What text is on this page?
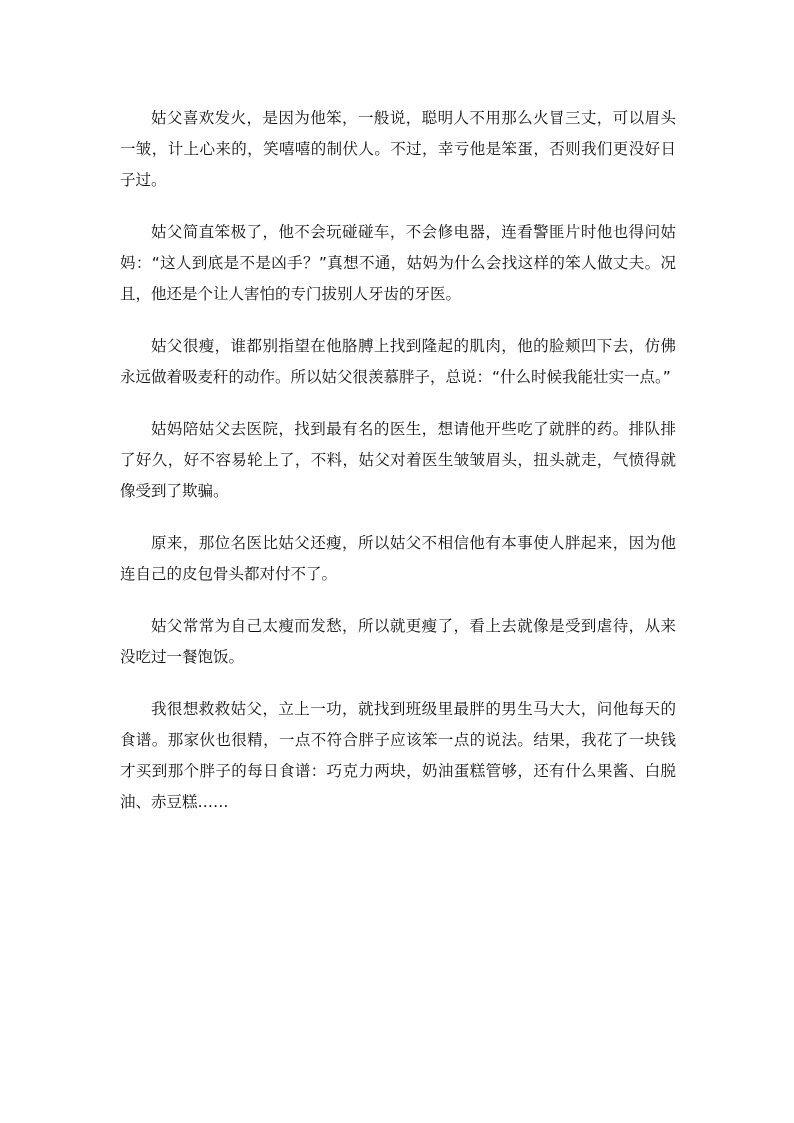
姑父喜欢发火，是因为他笨，一般说，聪明人不用那么火冒三丈，可以眉头一皱，计上心来的，笑嘻嘻的制伏人。不过，幸亏他是笨蛋，否则我们更没好日子过。

姑父简直笨极了，他不会玩碰碰车，不会修电器，连看警匪片时他也得问姑妈：“这人到底是不是凶手？”真想不通，姑妈为什么会找这样的笨人做丈夫。况且，他还是个让人害怕的专门拔别人牙齿的牙医。

姑父很瘦，谁都别指望在他胳膊上找到隆起的肌肉，他的脸颊凹下去，仿佛永远做着吸麦秆的动作。所以姑父很羡慕胖子，总说：“什么时候我能壮实一点。”

姑妈陪姑父去医院，找到最有名的医生，想请他开些吃了就胖的药。排队排了好久，好不容易轮上了，不料，姑父对着医生皱皱眉头，扭头就走，气愤得就像受到了欺骗。

原来，那位名医比姑父还瘦，所以姑父不相信他有本事使人胖起来，因为他连自己的皮包骨头都对付不了。

姑父常常为自己太瘦而发愁，所以就更瘦了，看上去就像是受到虐待，从来没吃过一餐饱饭。

我很想救救姑父，立上一功，就找到班级里最胖的男生马大大，问他每天的食谱。那家伙也很精，一点不符合胖子应该笨一点的说法。结果，我花了一块钱才买到那个胖子的每日食谱：巧克力两块，奶油蛋糕管够，还有什么果酱、白脱油、赤豆糕……
